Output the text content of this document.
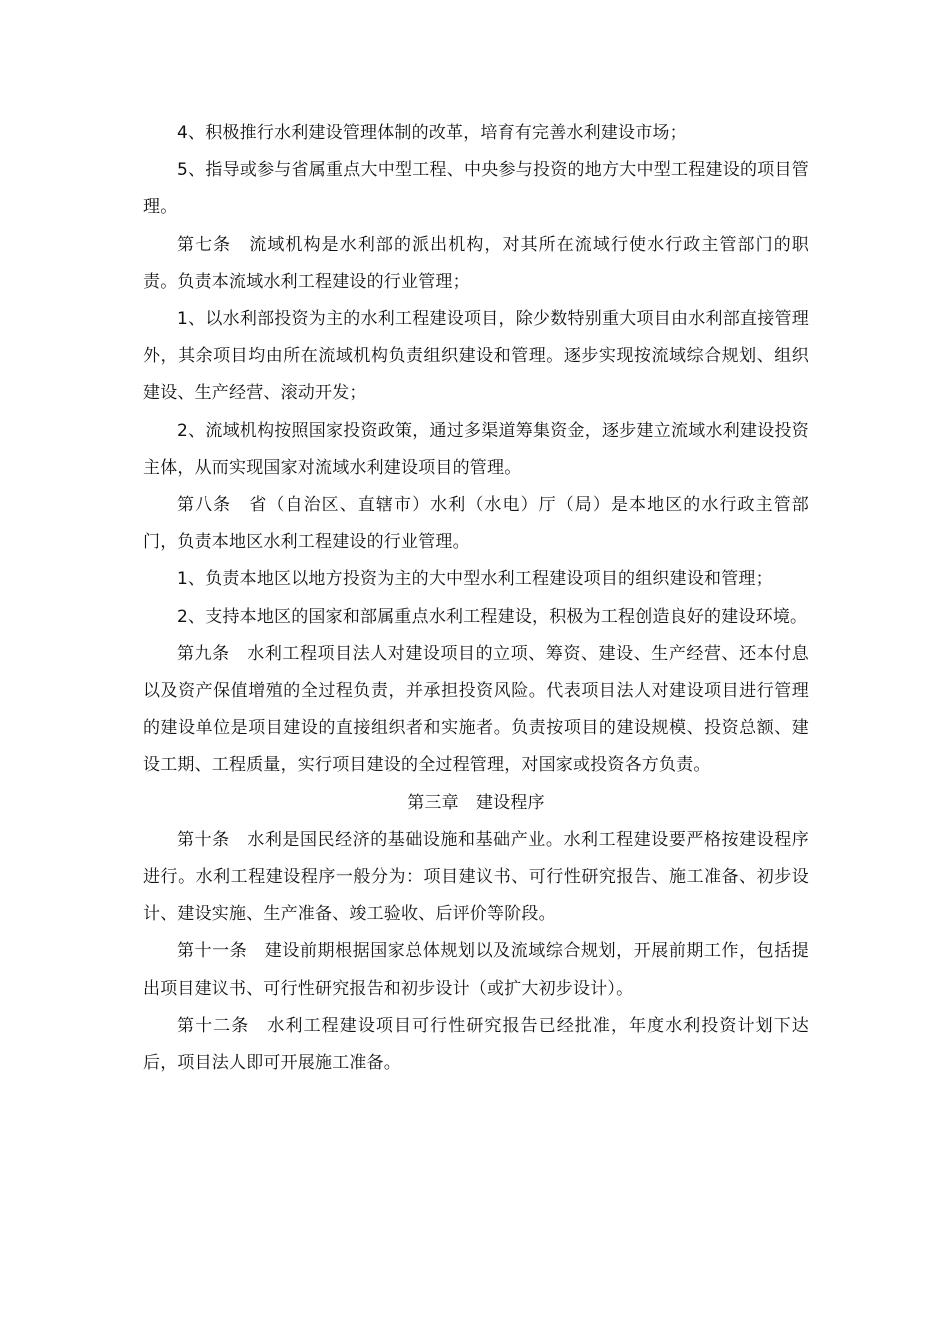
4、积极推行水利建设管理体制的改革，培育有完善水利建设市场；

5、指导或参与省属重点大中型工程、中央参与投资的地方大中型工程建设的项目管理。

第七条　流域机构是水利部的派出机构，对其所在流域行使水行政主管部门的职责。负责本流域水利工程建设的行业管理；

1、以水利部投资为主的水利工程建设项目，除少数特别重大项目由水利部直接管理外，其余项目均由所在流域机构负责组织建设和管理。逐步实现按流域综合规划、组织建设、生产经营、滚动开发；

2、流域机构按照国家投资政策，通过多渠道筹集资金，逐步建立流域水利建设投资主体，从而实现国家对流域水利建设项目的管理。

第八条　省（自治区、直辖市）水利（水电）厅（局）是本地区的水行政主管部门，负责本地区水利工程建设的行业管理。

1、负责本地区以地方投资为主的大中型水利工程建设项目的组织建设和管理；

2、支持本地区的国家和部属重点水利工程建设，积极为工程创造良好的建设环境。

第九条　水利工程项目法人对建设项目的立项、筹资、建设、生产经营、还本付息以及资产保值增殖的全过程负责，并承担投资风险。代表项目法人对建设项目进行管理的建设单位是项目建设的直接组织者和实施者。负责按项目的建设规模、投资总额、建设工期、工程质量，实行项目建设的全过程管理，对国家或投资各方负责。

第三章　建设程序

第十条　水利是国民经济的基础设施和基础产业。水利工程建设要严格按建设程序进行。水利工程建设程序一般分为：项目建议书、可行性研究报告、施工准备、初步设计、建设实施、生产准备、竣工验收、后评价等阶段。

第十一条　建设前期根据国家总体规划以及流域综合规划，开展前期工作，包括提出项目建议书、可行性研究报告和初步设计（或扩大初步设计）。

第十二条　水利工程建设项目可行性研究报告已经批准，年度水利投资计划下达后，项目法人即可开展施工准备。
